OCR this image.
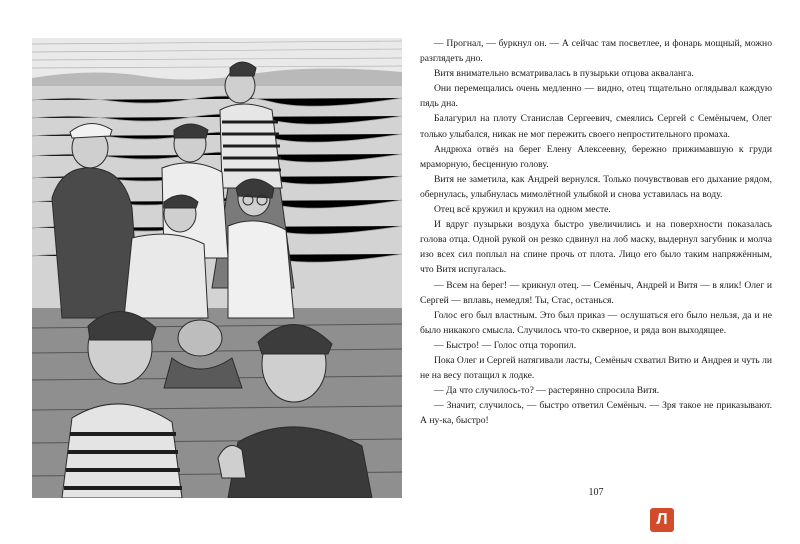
— Прогнал, — буркнул он. — А сейчас там посветлее, и фонарь мощный, можно разглядеть дно.

Витя внимательно всматривалась в пузырьки отцова акваланга.

Они перемещались очень медленно — видно, отец тщательно оглядывал каждую пядь дна.

Балагурил на плоту Станислав Сергеевич, смеялись Сергей с Семёнычем, Олег только улыбался, никак не мог пережить своего непростительного промаха.

Андрюха отвёз на берег Елену Алексеевну, бережно прижимавшую к груди мраморную, бесценную голову.

Витя не заметила, как Андрей вернулся. Только почувствовав его дыхание рядом, обернулась, улыбнулась мимолётной улыбкой и снова уставилась на воду.

Отец всё кружил и кружил на одном месте.

И вдруг пузырьки воздуха быстро увеличились и на поверхности показалась голова отца. Одной рукой он резко сдвинул на лоб маску, выдернул загубник и молча изо всех сил поплыл на спине прочь от плота. Лицо его было таким напряжённым, что Витя испугалась.

— Всем на берег! — крикнул отец. — Семёныч, Андрей и Витя — в ялик! Олег и Сергей — вплавь, немедля! Ты, Стас, останься.

Голос его был властным. Это был приказ — ослушаться его было нельзя, да и не было никакого смысла. Случилось что-то скверное, и ряда вон выходящее.

— Быстро! — Голос отца торопил.

Пока Олег и Сергей натягивали ласты, Семёныч схватил Витю и Андрея и чуть ли не на весу потащил к лодке.

— Да что случилось-то? — растерянно спросила Витя.

— Значит, случилось, — быстро ответил Семёныч. — Зря такое не приказывают. А ну-ка, быстро!

107
Л
